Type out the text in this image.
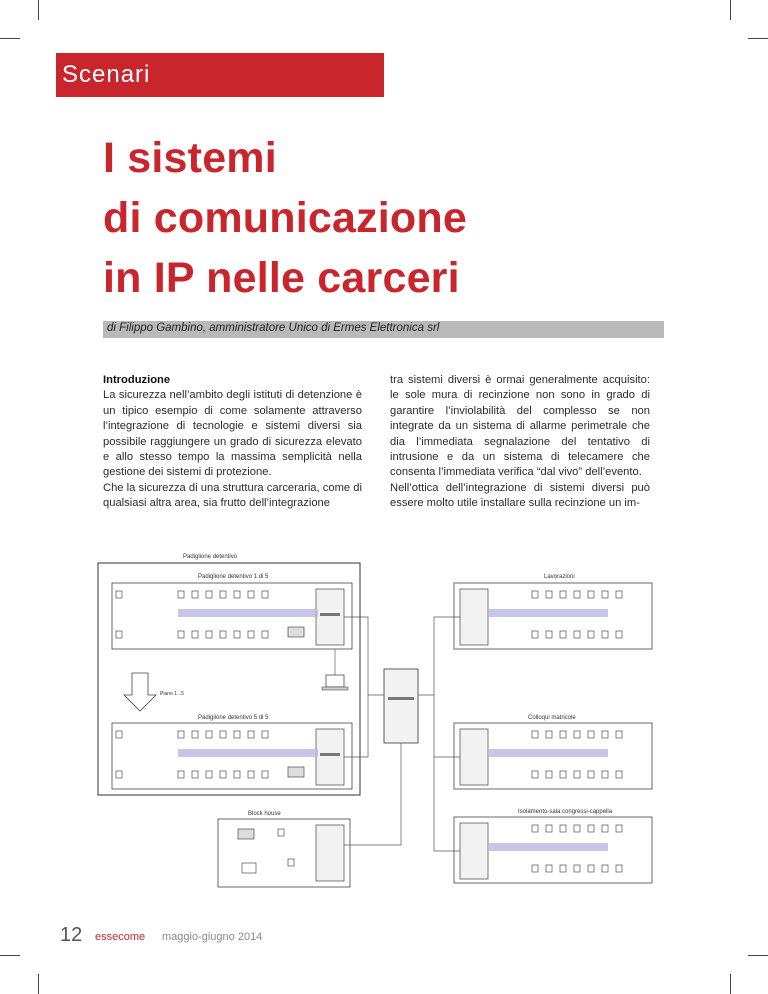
Scenari
I sistemi
di comunicazione
in IP nelle carceri
di Filippo Gambino, amministratore Unico di Ermes Elettronica srl

Introduzione

La sicurezza nell’ambito degli istituti di detenzione è un tipico esempio di come solamente attraverso l’integrazione di tecnologie e sistemi diversi sia possibile raggiungere un grado di sicurezza elevato e allo stesso tempo la massima semplicità nella gestione dei sistemi di protezione.

Che la sicurezza di una struttura carceraria, come di qualsiasi altra area, sia frutto dell’integrazione

tra sistemi diversi è ormai generalmente acquisito: le sole mura di recinzione non sono in grado di garantire l’inviolabilità del complesso se non integrate da un sistema di allarme perimetrale che dia l’immediata segnalazione del tentativo di intrusione e da un sistema di telecamere che consenta l’immediata verifica “dal vivo” dell’evento.

Nell’ottica dell’integrazione di sistemi diversi può essere molto utile installare sulla recinzione un im-

Padiglione detentivo
Padiglione detentivo 1 di 5
Piano 1...5
Padiglione detentivo 5 di 5
Lavorazioni
Colloqui matricole
Isolamento-sala congressi-cappella
Block house
12 essecome maggio-giugno 2014
